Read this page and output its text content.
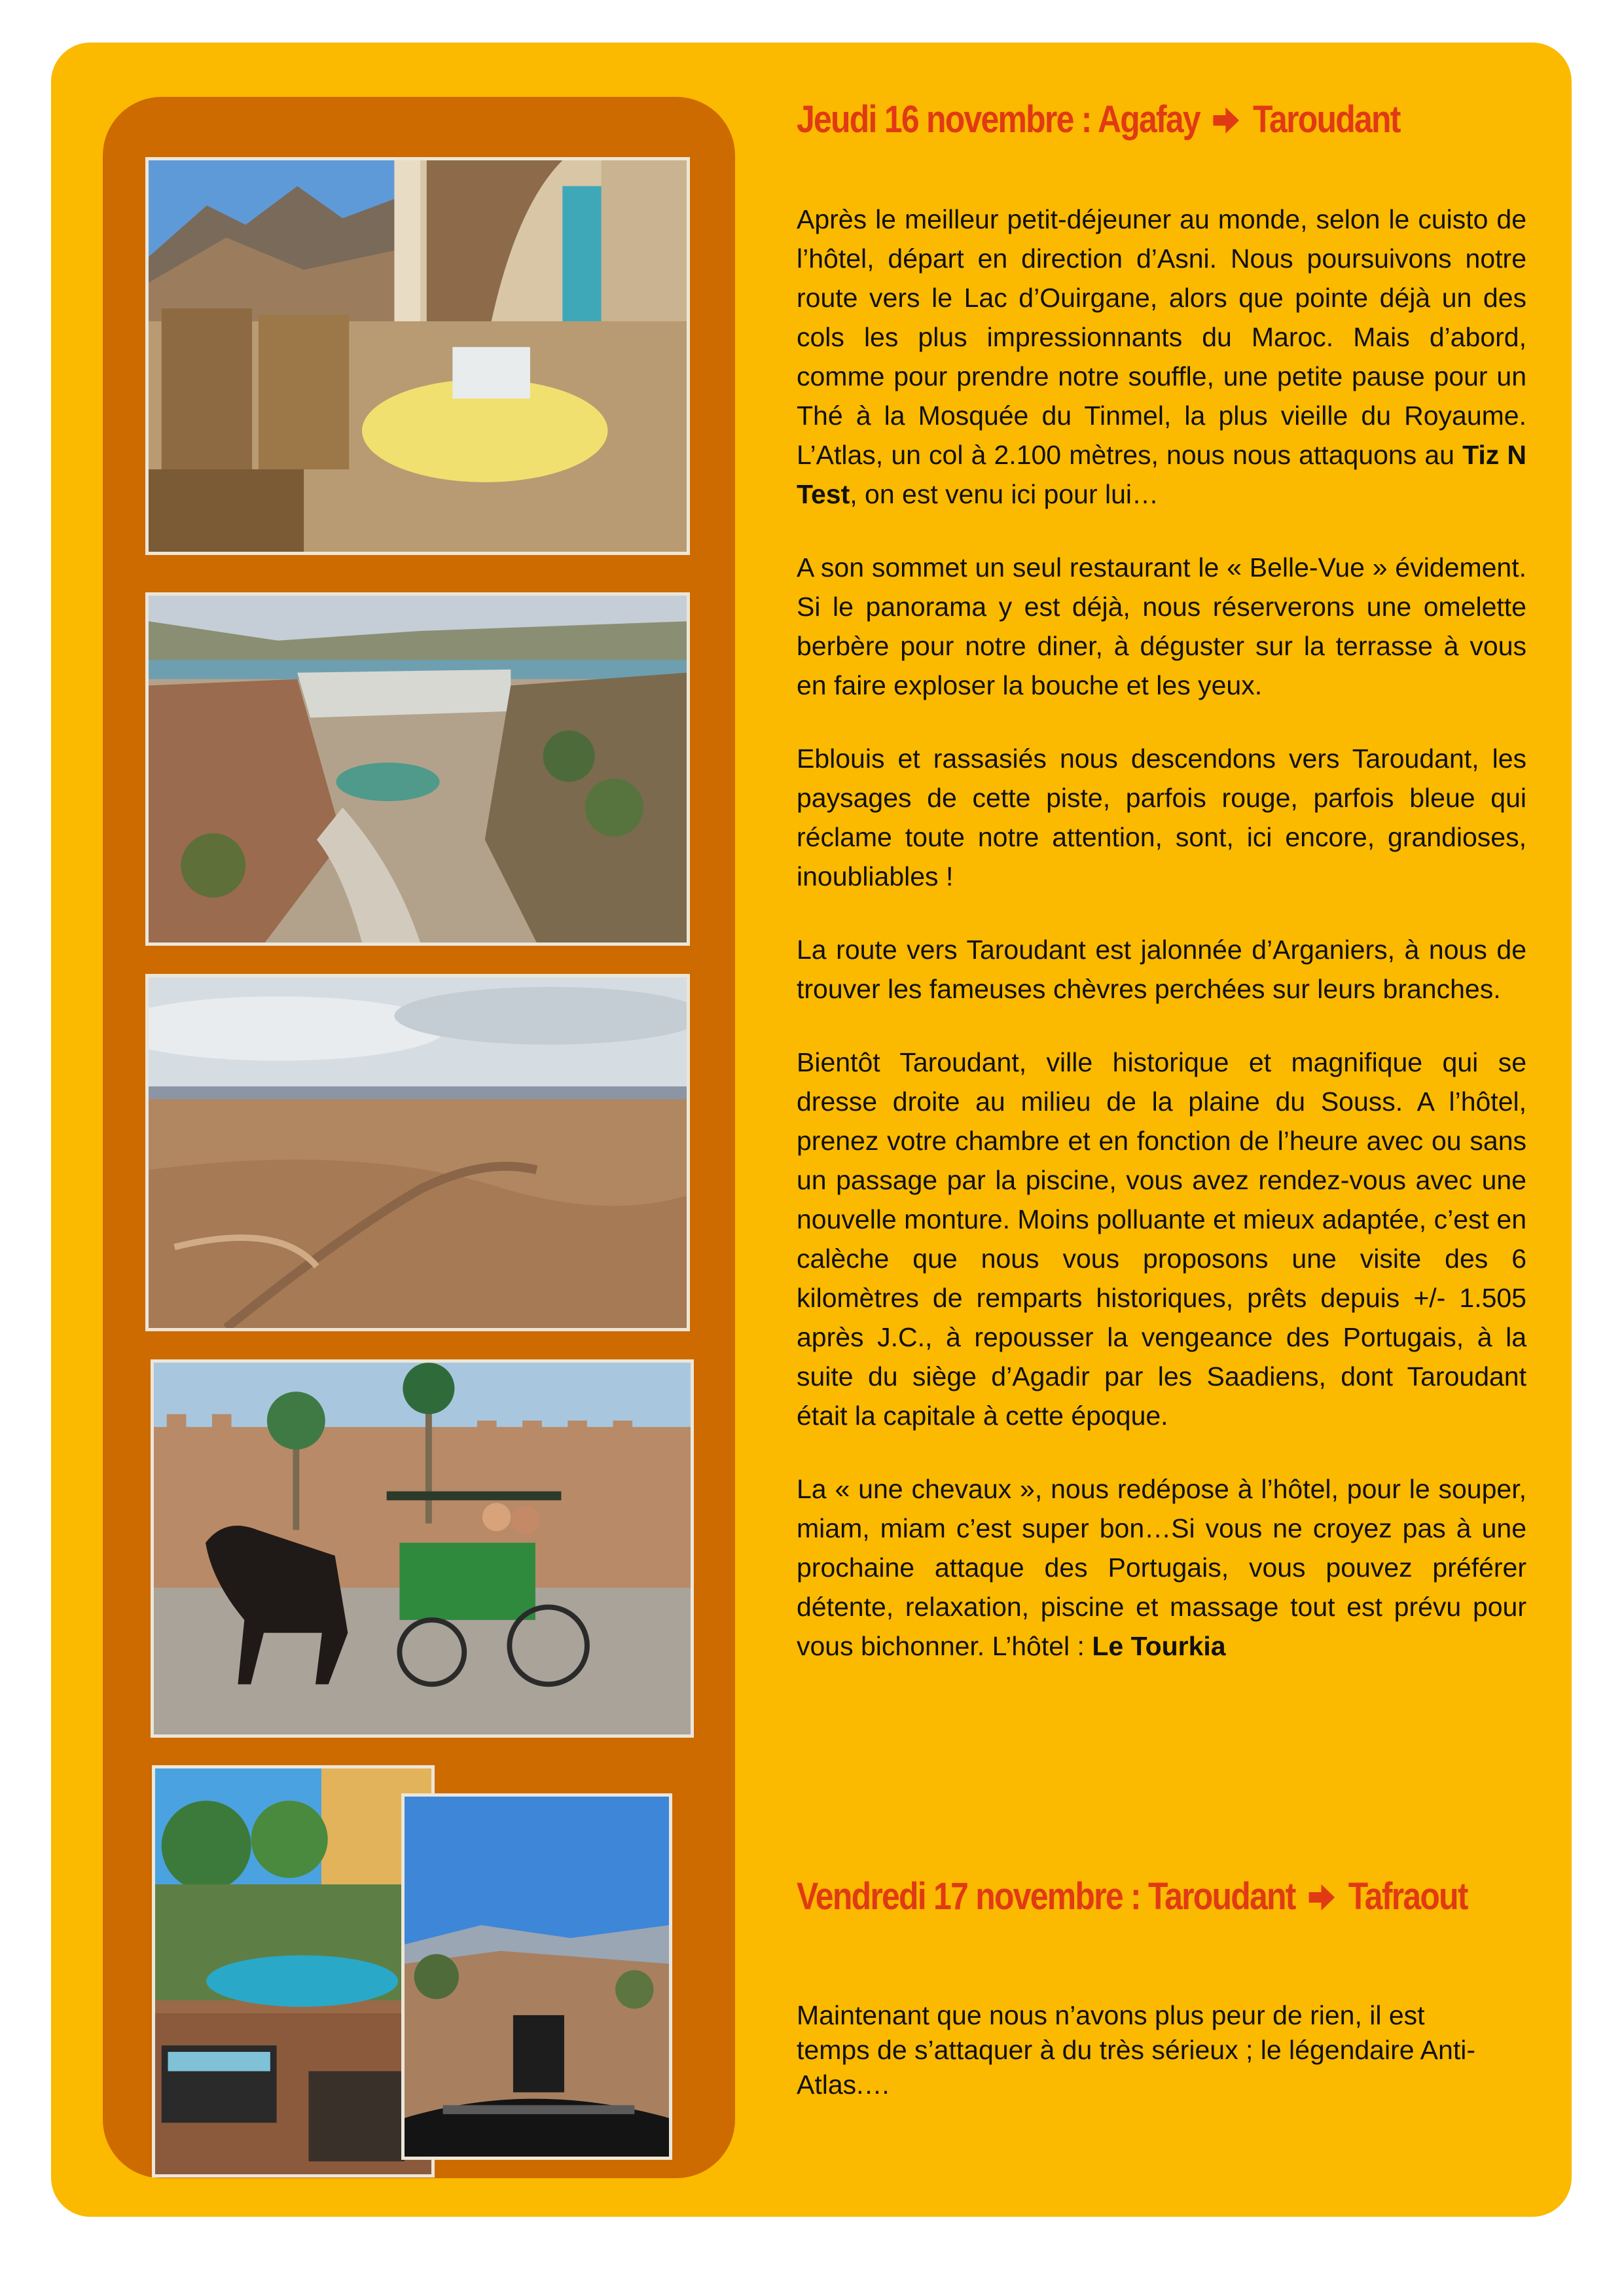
Jeudi 16 novembre : Agafay Taroudant

Après le meilleur petit-déjeuner au monde, selon le cuisto de l’hôtel, départ en direction d’Asni. Nous poursuivons notre route vers le Lac d’Ouirgane, alors que pointe déjà un des cols les plus impressionnants du Maroc. Mais d’abord, comme pour prendre notre souffle, une petite pause pour un Thé à la Mosquée du Tinmel, la plus vieille du Royaume. L’Atlas, un col à 2.100 mètres, nous nous attaquons au Tiz N Test, on est venu ici pour lui…

A son sommet un seul restaurant le « Belle-Vue » évidement. Si le panorama y est déjà, nous réserverons une omelette berbère pour notre diner, à déguster sur la terrasse à vous en faire exploser la bouche et les yeux.

Eblouis et rassasiés nous descendons vers Taroudant, les paysages de cette piste, parfois rouge, parfois bleue qui réclame toute notre attention, sont, ici encore, grandioses, inoubliables !

La route vers Taroudant est jalonnée d’Arganiers, à nous de trouver les fameuses chèvres perchées sur leurs branches.

Bientôt Taroudant, ville historique et magnifique qui se dresse droite au milieu de la plaine du Souss. A l’hôtel, prenez votre chambre et en fonction de l’heure avec ou sans un passage par la piscine, vous avez rendez-vous avec une nouvelle monture. Moins polluante et mieux adaptée, c’est en calèche que nous vous proposons une visite des 6 kilomètres de remparts historiques, prêts depuis +/- 1.505 après J.C., à repousser la vengeance des Portugais, à la suite du siège d’Agadir par les Saadiens, dont Taroudant était la capitale à cette époque.

La « une chevaux », nous redépose à l’hôtel, pour le souper, miam, miam c’est super bon…Si vous ne croyez pas à une prochaine attaque des Portugais, vous pouvez préférer détente, relaxation, piscine et massage tout est prévu pour vous bichonner. L’hôtel : Le Tourkia

Vendredi 17 novembre : Taroudant Tafraout

Maintenant que nous n’avons plus peur de rien, il est temps de s’attaquer à du très sérieux ; le légendaire Anti-Atlas.…
